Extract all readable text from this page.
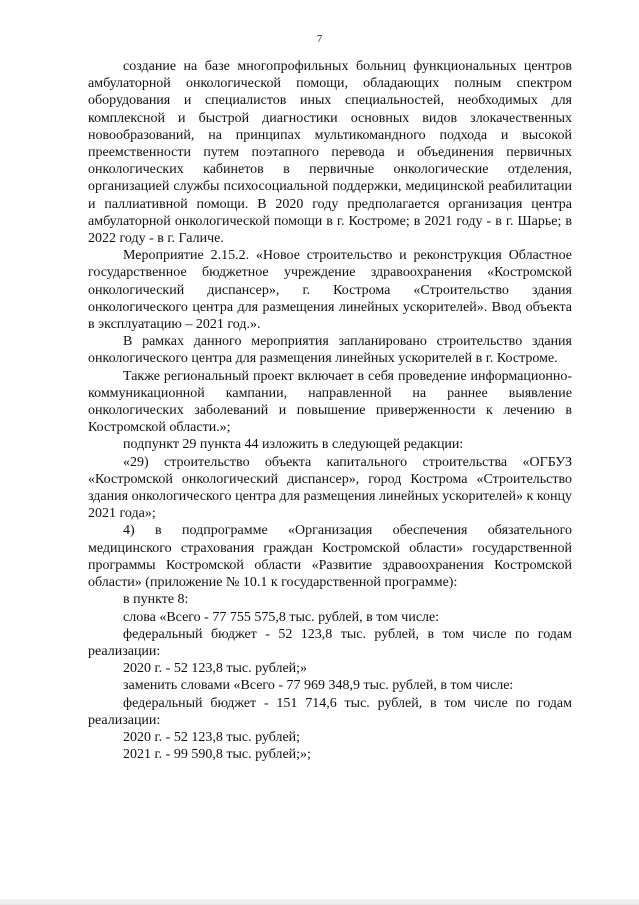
7

создание на базе многопрофильных больниц функциональных центров амбулаторной онкологической помощи, обладающих полным спектром оборудования и специалистов иных специальностей, необходимых для комплексной и быстрой диагностики основных видов злокачественных новообразований, на принципах мультикомандного подхода и высокой преемственности путем поэтапного перевода и объединения первичных онкологических кабинетов в первичные онкологические отделения, организацией службы психосоциальной поддержки, медицинской реабилитации и паллиативной помощи. В 2020 году предполагается организация центра амбулаторной онкологической помощи в г. Костроме; в 2021 году - в г. Шарье; в 2022 году - в г. Галиче.

Мероприятие 2.15.2. «Новое строительство и реконструкция Областное государственное бюджетное учреждение здравоохранения «Костромской онкологический диспансер», г. Кострома «Строительство здания онкологического центра для размещения линейных ускорителей». Ввод объекта в эксплуатацию – 2021 год.».

В рамках данного мероприятия запланировано строительство здания онкологического центра для размещения линейных ускорителей в г. Костроме.

Также региональный проект включает в себя проведение информационно-коммуникационной кампании, направленной на раннее выявление онкологических заболеваний и повышение приверженности к лечению в Костромской области.»;

подпункт 29 пункта 44 изложить в следующей редакции:

«29) строительство объекта капитального строительства «ОГБУЗ «Костромской онкологический диспансер», город Кострома «Строительство здания онкологического центра для размещения линейных ускорителей» к концу 2021 года»;

4) в подпрограмме «Организация обеспечения обязательного медицинского страхования граждан Костромской области» государственной программы Костромской области «Развитие здравоохранения Костромской области» (приложение № 10.1 к государственной программе):

в пункте 8:

слова «Всего - 77 755 575,8 тыс. рублей, в том числе:

федеральный бюджет - 52 123,8 тыс. рублей, в том числе по годам реализации:

2020 г. - 52 123,8 тыс. рублей;»

заменить словами «Всего - 77 969 348,9 тыс. рублей, в том числе:

федеральный бюджет - 151 714,6 тыс. рублей, в том числе по годам реализации:

2020 г. - 52 123,8 тыс. рублей;

2021 г. - 99 590,8 тыс. рублей;»;
